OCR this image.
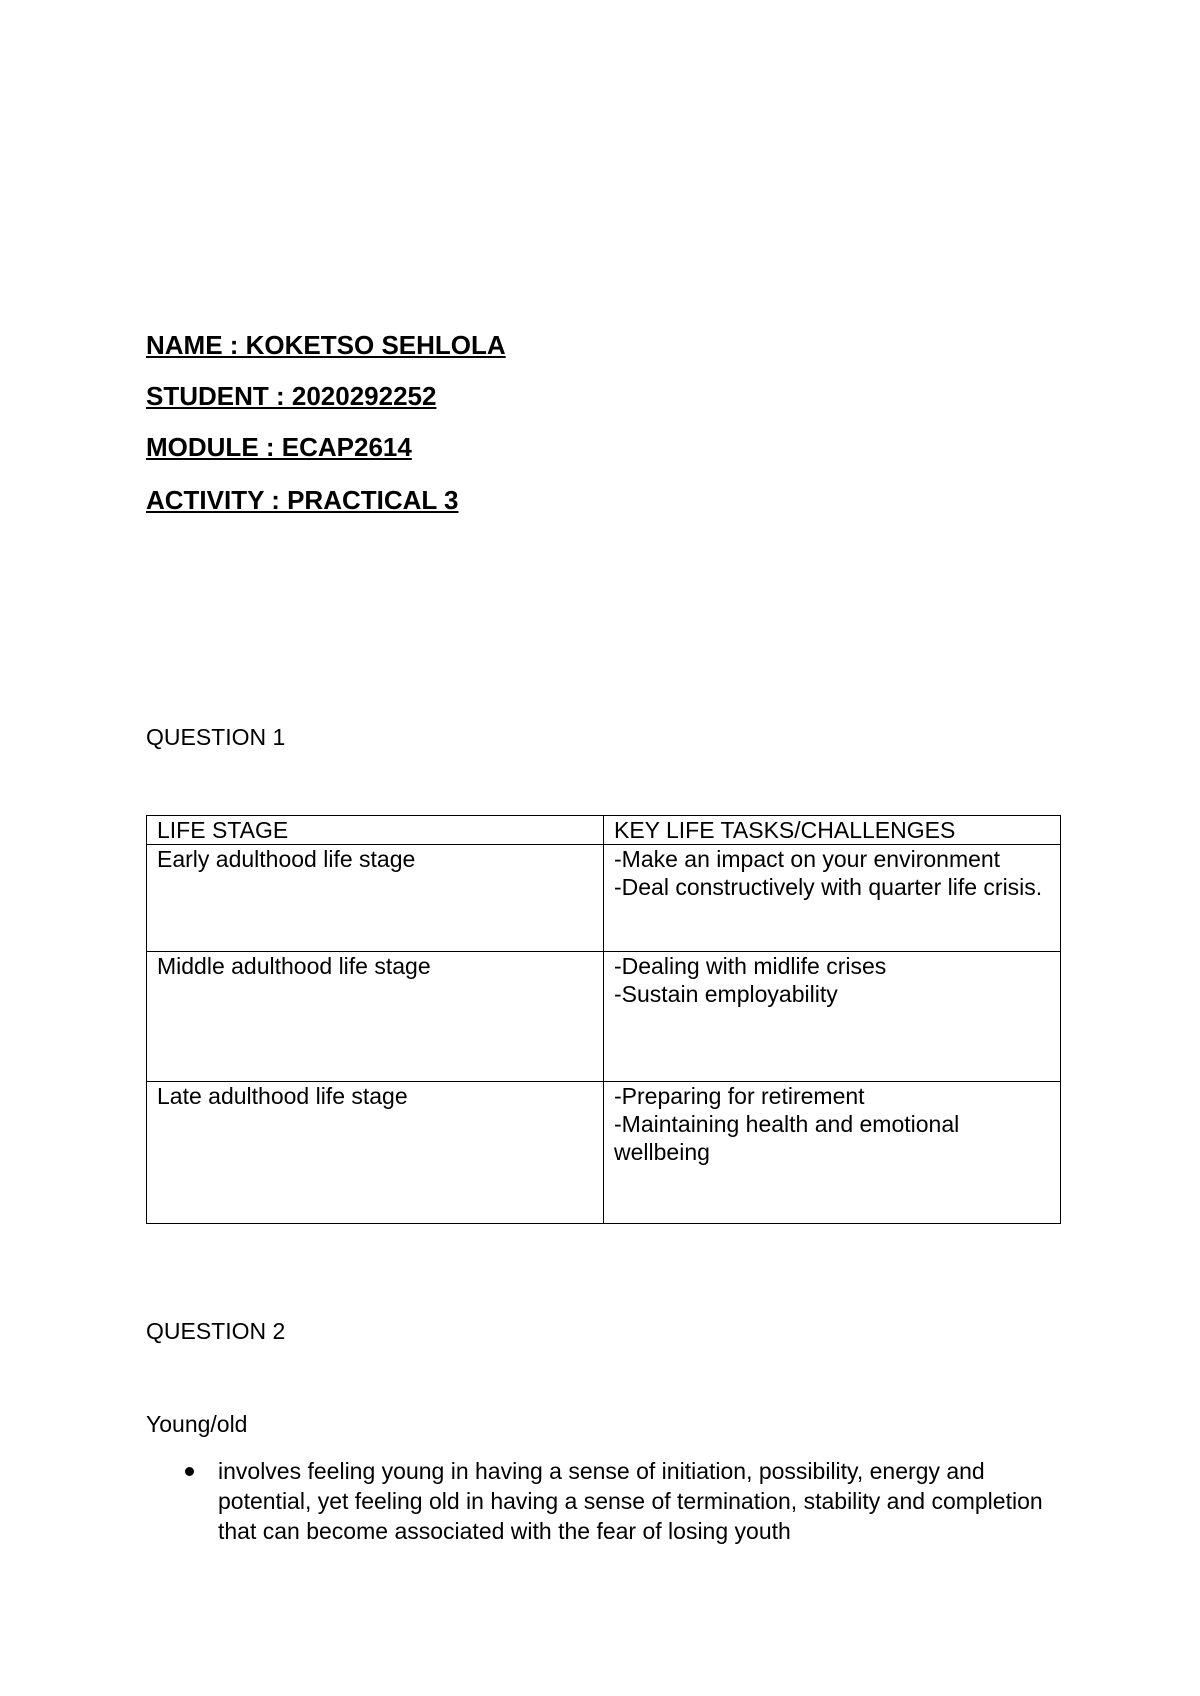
NAME : KOKETSO SEHLOLA
STUDENT : 2020292252
MODULE : ECAP2614
ACTIVITY : PRACTICAL 3
QUESTION 1
LIFE STAGE	KEY LIFE TASKS/CHALLENGES
Early adulthood life stage	-Make an impact on your environment
-Deal constructively with quarter life crisis.

Middle adulthood life stage	-Dealing with midlife crises
-Sustain employability

Late adulthood life stage	-Preparing for retirement
-Maintaining health and emotional wellbeing
QUESTION 2
Young/old
involves feeling young in having a sense of initiation, possibility, energy and potential, yet feeling old in having a sense of termination, stability and completion that can become associated with the fear of losing youth
